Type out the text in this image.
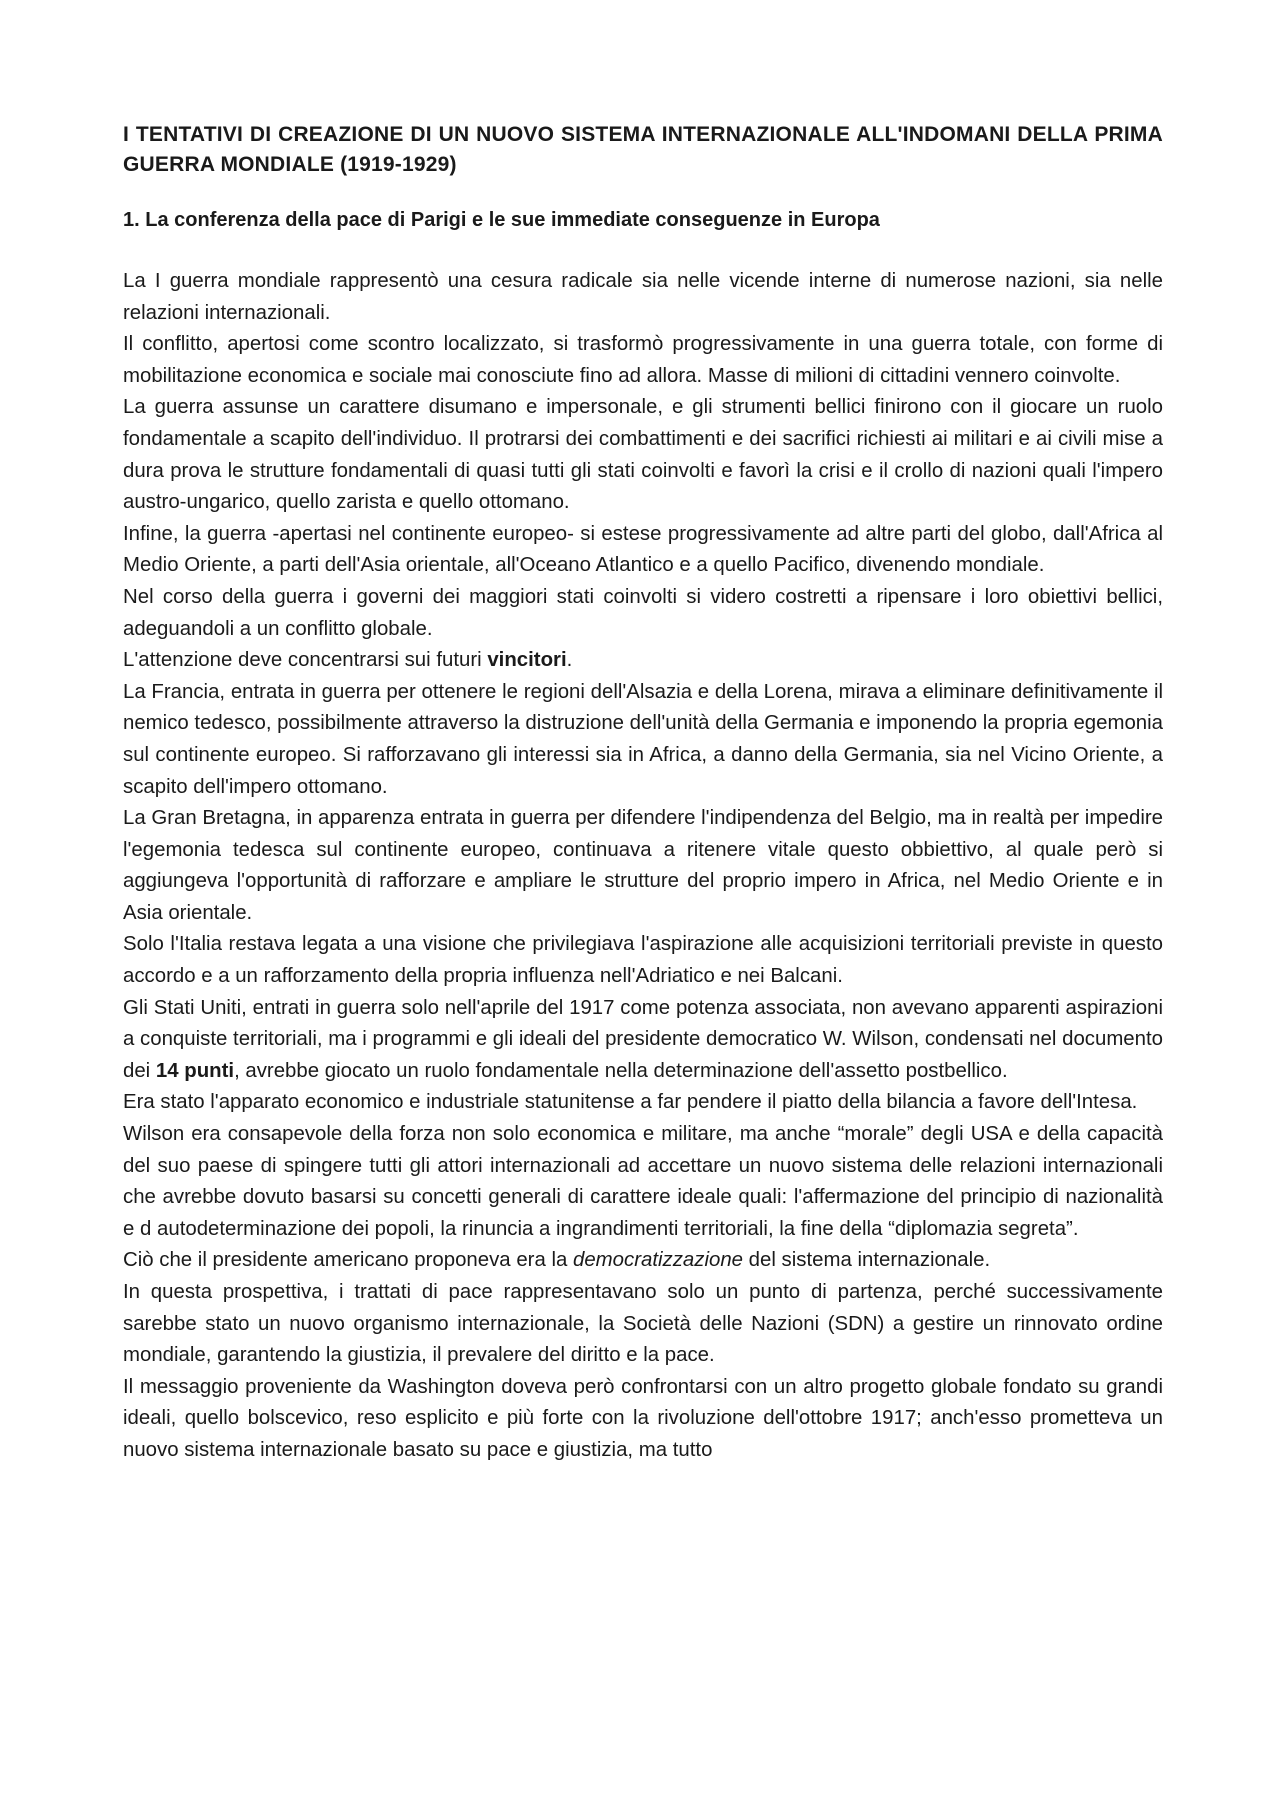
I TENTATIVI DI CREAZIONE DI UN NUOVO SISTEMA INTERNAZIONALE ALL'INDOMANI DELLA PRIMA GUERRA MONDIALE (1919-1929)
1. La conferenza della pace di Parigi e le sue immediate conseguenze in Europa

La I guerra mondiale rappresentò una cesura radicale sia nelle vicende interne di numerose nazioni, sia nelle relazioni internazionali.

Il conflitto, apertosi come scontro localizzato, si trasformò progressivamente in una guerra totale, con forme di mobilitazione economica e sociale mai conosciute fino ad allora. Masse di milioni di cittadini vennero coinvolte.

La guerra assunse un carattere disumano e impersonale, e gli strumenti bellici finirono con il giocare un ruolo fondamentale a scapito dell'individuo. Il protrarsi dei combattimenti e dei sacrifici richiesti ai militari e ai civili mise a dura prova le strutture fondamentali di quasi tutti gli stati coinvolti e favorì la crisi e il crollo di nazioni quali l'impero austro-ungarico, quello zarista e quello ottomano.

Infine, la guerra -apertasi nel continente europeo- si estese progressivamente ad altre parti del globo, dall'Africa al Medio Oriente, a parti dell'Asia orientale, all'Oceano Atlantico e a quello Pacifico, divenendo mondiale.

Nel corso della guerra i governi dei maggiori stati coinvolti si videro costretti a ripensare i loro obiettivi bellici, adeguandoli a un conflitto globale.

L'attenzione deve concentrarsi sui futuri vincitori.

La Francia, entrata in guerra per ottenere le regioni dell'Alsazia e della Lorena, mirava a eliminare definitivamente il nemico tedesco, possibilmente attraverso la distruzione dell'unità della Germania e imponendo la propria egemonia sul continente europeo. Si rafforzavano gli interessi sia in Africa, a danno della Germania, sia nel Vicino Oriente, a scapito dell'impero ottomano.

La Gran Bretagna, in apparenza entrata in guerra per difendere l'indipendenza del Belgio, ma in realtà per impedire l'egemonia tedesca sul continente europeo, continuava a ritenere vitale questo obbiettivo, al quale però si aggiungeva l'opportunità di rafforzare e ampliare le strutture del proprio impero in Africa, nel Medio Oriente e in Asia orientale.

Solo l'Italia restava legata a una visione che privilegiava l'aspirazione alle acquisizioni territoriali previste in questo accordo e a un rafforzamento della propria influenza nell'Adriatico e nei Balcani.

Gli Stati Uniti, entrati in guerra solo nell'aprile del 1917 come potenza associata, non avevano apparenti aspirazioni a conquiste territoriali, ma i programmi e gli ideali del presidente democratico W. Wilson, condensati nel documento dei 14 punti, avrebbe giocato un ruolo fondamentale nella determinazione dell'assetto postbellico.

Era stato l'apparato economico e industriale statunitense a far pendere il piatto della bilancia a favore dell'Intesa.

Wilson era consapevole della forza non solo economica e militare, ma anche “morale” degli USA e della capacità del suo paese di spingere tutti gli attori internazionali ad accettare un nuovo sistema delle relazioni internazionali che avrebbe dovuto basarsi su concetti generali di carattere ideale quali: l'affermazione del principio di nazionalità e d autodeterminazione dei popoli, la rinuncia a ingrandimenti territoriali, la fine della “diplomazia segreta”.

Ciò che il presidente americano proponeva era la democratizzazione del sistema internazionale.

In questa prospettiva, i trattati di pace rappresentavano solo un punto di partenza, perché successivamente sarebbe stato un nuovo organismo internazionale, la Società delle Nazioni (SDN) a gestire un rinnovato ordine mondiale, garantendo la giustizia, il prevalere del diritto e la pace.

Il messaggio proveniente da Washington doveva però confrontarsi con un altro progetto globale fondato su grandi ideali, quello bolscevico, reso esplicito e più forte con la rivoluzione dell'ottobre 1917; anch'esso prometteva un nuovo sistema internazionale basato su pace e giustizia, ma tutto
